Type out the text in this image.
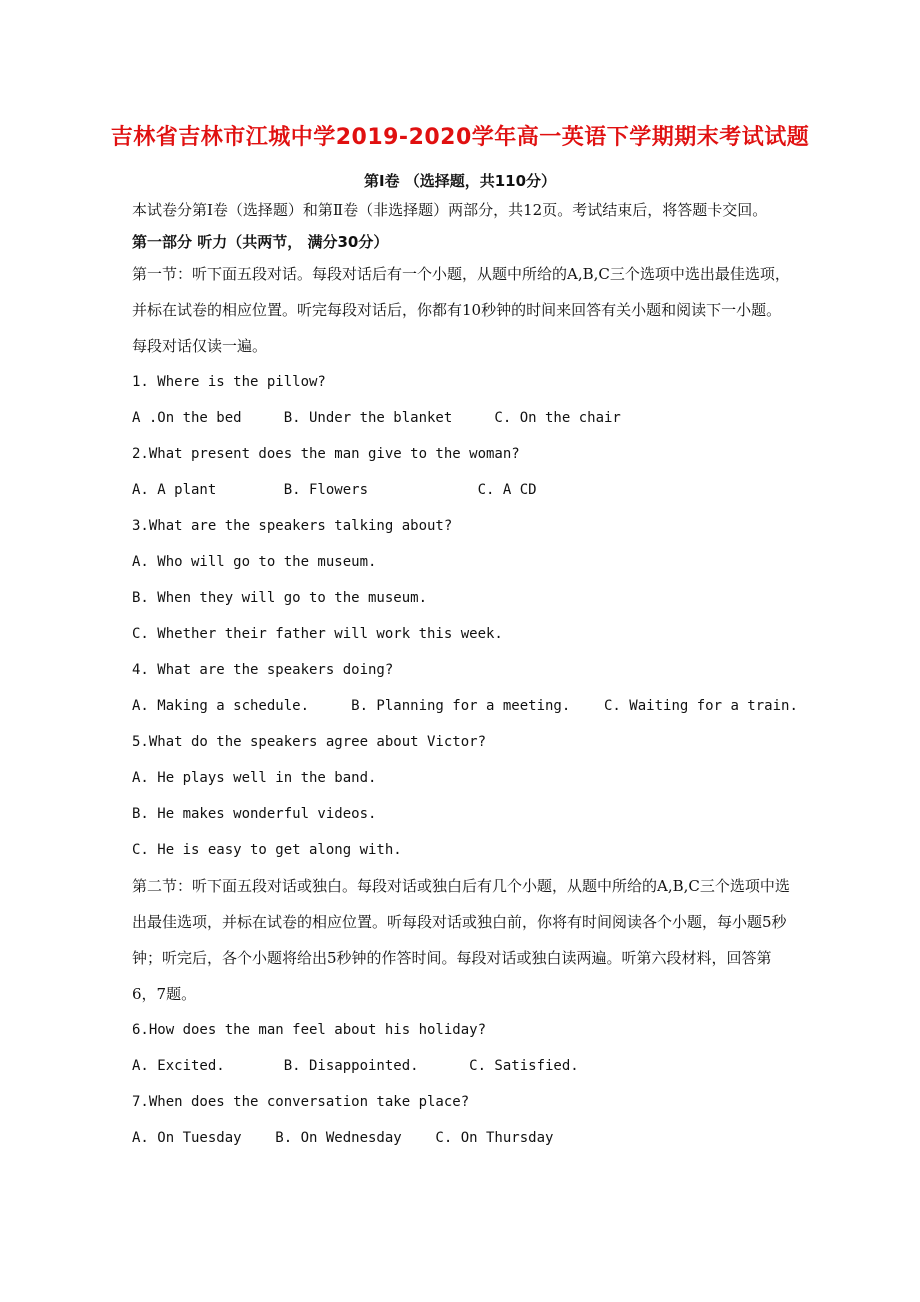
吉林省吉林市江城中学2019-2020学年高一英语下学期期末考试试题
第Ⅰ卷 （选择题，共110分）

本试卷分第Ⅰ卷（选择题）和第Ⅱ卷（非选择题）两部分，共12页。考试结束后，将答题卡交回。

第一部分 听力（共两节， 满分30分）

第一节：听下面五段对话。每段对话后有一个小题，从题中所给的A,B,C三个选项中选出最佳选项，并标在试卷的相应位置。听完每段对话后，你都有10秒钟的时间来回答有关小题和阅读下一小题。每段对话仅读一遍。

1. Where is the pillow?

A .On the bed     B. Under the blanket     C. On the chair

2.What present does the man give to the woman?

A. A plant        B. Flowers             C. A CD

3.What are the speakers talking about?

A. Who will go to the museum.

B. When they will go to the museum.

C. Whether their father will work this week.

4. What are the speakers doing?

A. Making a schedule.     B. Planning for a meeting.    C. Waiting for a train.

5.What do the speakers agree about Victor?

A. He plays well in the band.

B. He makes wonderful videos.

C. He is easy to get along with.

第二节：听下面五段对话或独白。每段对话或独白后有几个小题，从题中所给的A,B,C三个选项中选出最佳选项，并标在试卷的相应位置。听每段对话或独白前，你将有时间阅读各个小题，每小题5秒钟；听完后，各个小题将给出5秒钟的作答时间。每段对话或独白读两遍。听第六段材料，回答第6，7题。

6.How does the man feel about his holiday?

A. Excited.       B. Disappointed.      C. Satisfied.

7.When does the conversation take place?

A. On Tuesday    B. On Wednesday    C. On Thursday
